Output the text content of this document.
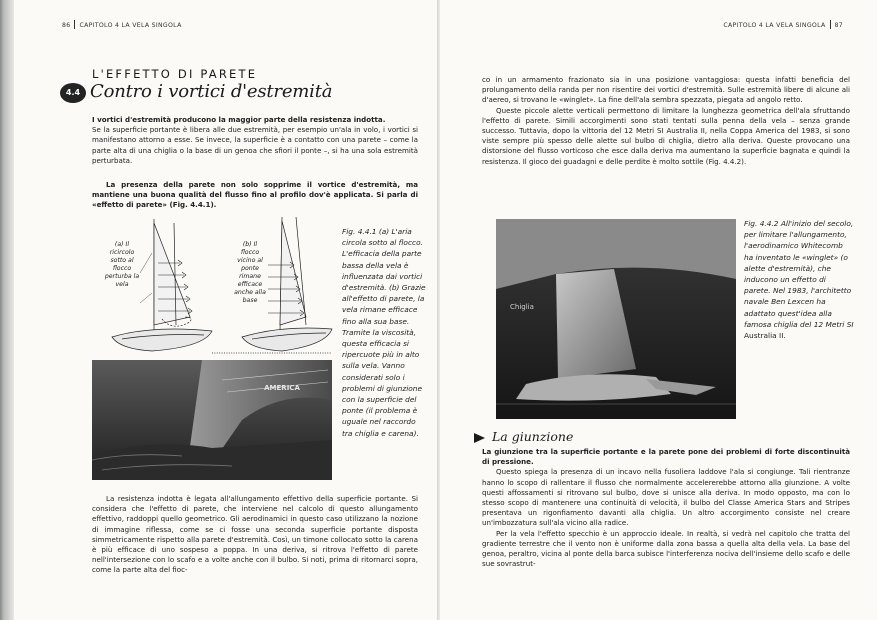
86 CAPITOLO 4 LA VELA SINGOLA
L'EFFETTO DI PARETE
4.4 Contro i vortici d'estremità

I vortici d'estremità producono la maggior parte della resistenza indotta.

Se la superficie portante è libera alle due estremità, per esempio un'ala in volo, i vortici si manifestano attorno a esse. Se invece, la superficie è a contatto con una parete – come la parte alta di una chiglia o la base di un genoa che sfiori il ponte –, si ha una sola estremità perturbata.

La presenza della parete non solo sopprime il vortice d'estremità, ma mantiene una buona qualità del flusso fino al profilo dov'è applicata. Si parla di «effetto di parete» (Fig. 4.4.1).
(a) Il ricircolo sotto al flocco perturba la vela
(b) Il flocco vicino al ponte rimane efficace anche alla base
AMERICA
Fig. 4.4.1 (a) L'aria circola sotto al flocco. L'efficacia della parte bassa della vela è influenzata dai vortici d'estremità. (b) Grazie all'effetto di parete, la vela rimane efficace fino alla sua base. Tramite la viscosità, questa efficacia si ripercuote più in alto sulla vela. Vanno considerati solo i problemi di giunzione con la superficie del ponte (il problema è uguale nel raccordo tra chiglia e carena).

La resistenza indotta è legata all'allungamento effettivo della superficie portante. Si considera che l'effetto di parete, che interviene nel calcolo di questo allungamento effettivo, raddoppi quello geometrico. Gli aerodinamici in questo caso utilizzano la nozione di immagine riflessa, come se ci fosse una seconda superficie portante disposta simmetricamente rispetto alla parete d'estremità. Così, un timone collocato sotto la carena è più efficace di uno sospeso a poppa. In una deriva, si ritrova l'effetto di parete nell'intersezione con lo scafo e a volte anche con il bulbo. Si noti, prima di ritornarci sopra, come la parte alta del fioc-

CAPITOLO 4 LA VELA SINGOLA 87

co in un armamento frazionato sia in una posizione vantaggiosa: questa infatti beneficia del prolungamento della randa per non risentire dei vortici d'estremità. Sulle estremità libere di alcune ali d'aereo, si trovano le «winglet». La fine dell'ala sembra spezzata, piegata ad angolo retto.

Queste piccole alette verticali permettono di limitare la lunghezza geometrica dell'ala sfruttando l'effetto di parete. Simili accorgimenti sono stati tentati sulla penna della vela – senza grande successo. Tuttavia, dopo la vittoria del 12 Metri SI Australia II, nella Coppa America del 1983, si sono viste sempre più spesso delle alette sul bulbo di chiglia, dietro alla deriva. Queste provocano una distorsione del flusso vorticoso che esce dalla deriva ma aumentano la superficie bagnata e quindi la resistenza. Il gioco dei guadagni e delle perdite è molto sottile (Fig. 4.4.2).

Chiglia
Fig. 4.4.2 All'inizio del secolo, per limitare l'allungamento, l'aerodinamico Whitecomb ha inventato le «winglet» (o alette d'estremità), che inducono un effetto di parete. Nel 1983, l'architetto navale Ben Lexcen ha adattato quest'idea alla famosa chiglia del 12 Metri SI Australia II.

La giunzione tra la superficie portante e la parete pone dei problemi di forte discontinuità di pressione.

Questo spiega la presenza di un incavo nella fusoliera laddove l'ala si congiunge. Tali rientranze hanno lo scopo di rallentare il flusso che normalmente accelererebbe attorno alla giunzione. A volte questi affossamenti si ritrovano sul bulbo, dove si unisce alla deriva. In modo opposto, ma con lo stesso scopo di mantenere una continuità di velocità, il bulbo del Classe America Stars and Stripes presentava un rigonfiamento davanti alla chiglia. Un altro accorgimento consiste nel creare un'imbozzatura sull'ala vicino alla radice.

Per la vela l'effetto specchio è un approccio ideale. In realtà, si vedrà nel capitolo che tratta del gradiente terrestre che il vento non è uniforme dalla zona bassa a quella alta della vela. La base del genoa, peraltro, vicina al ponte della barca subisce l'interferenza nociva dell'insieme dello scafo e delle sue sovrastrut-

La giunzione
